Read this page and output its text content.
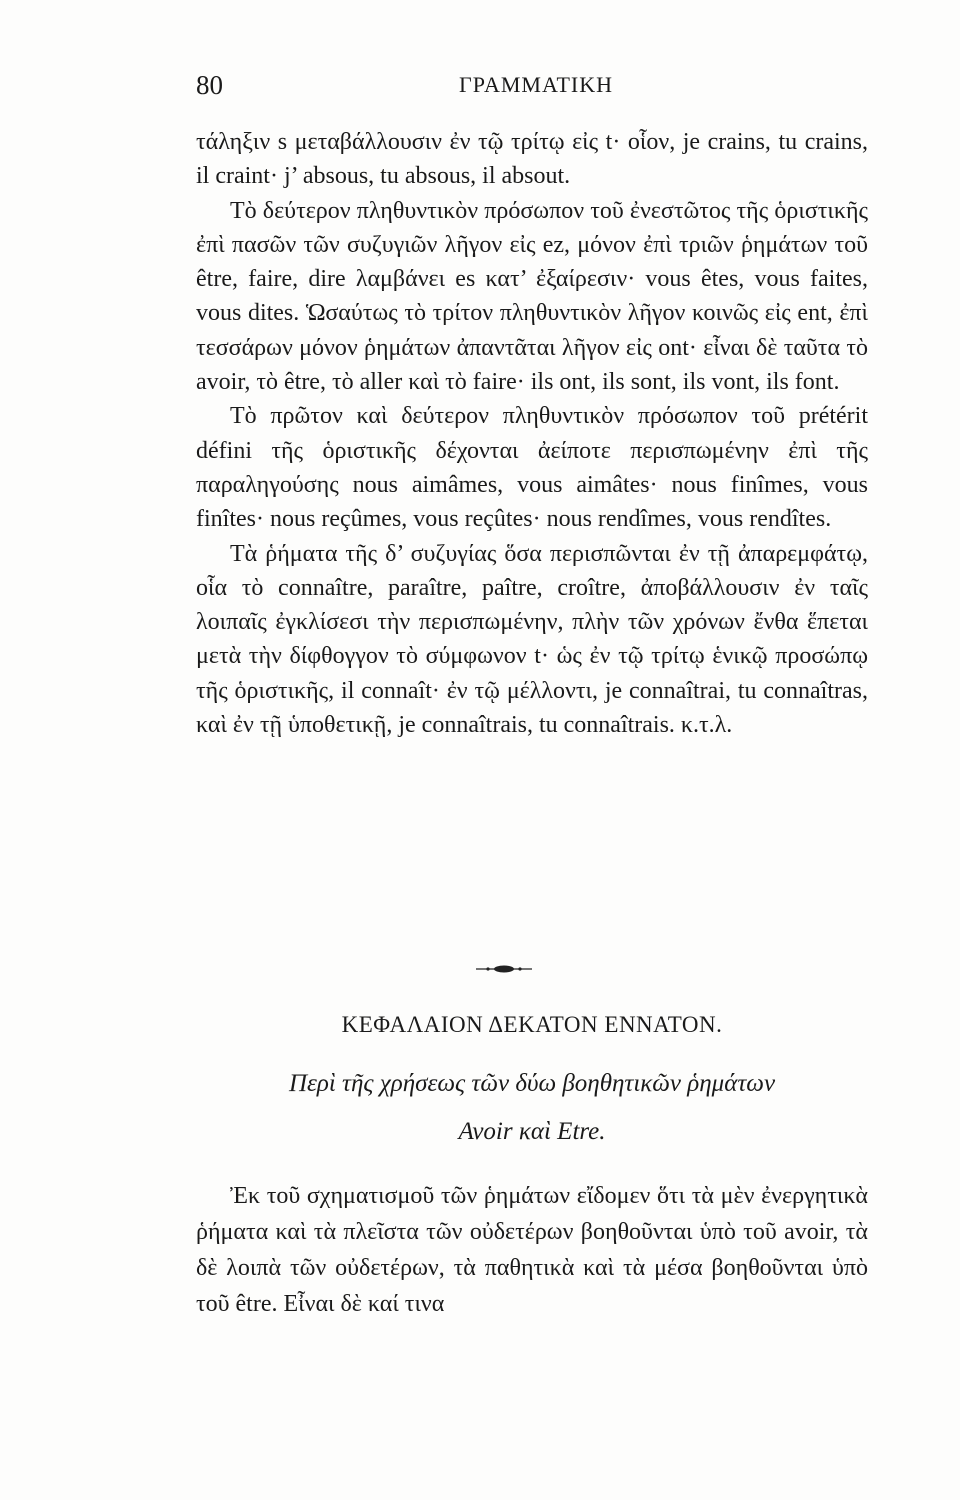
80	ΓΡΑΜΜΑΤΙΚΗ

τάληξιν s μεταβάλλουσιν ἐν τῷ τρίτῳ εἰς t· οἷον, je crains, tu crains, il craint· j’ absous, tu absous, il absout.

Τὸ δεύτερον πληθυντικὸν πρόσωπον τοῦ ἐνεστῶτος τῆς ὁριστικῆς ἐπὶ πασῶν τῶν συζυγιῶν λῆγον εἰς ez, μόνον ἐπὶ τριῶν ῥημάτων τοῦ être, faire, dire λαμβάνει es κατ’ ἐξαίρεσιν· vous êtes, vous faites, vous dites. Ὡσαύτως τὸ τρίτον πληθυντικὸν λῆγον κοινῶς εἰς ent, ἐπὶ τεσσάρων μόνον ῥημάτων ἀπαντᾶται λῆγον εἰς ont· εἶναι δὲ ταῦτα τὸ avoir, τὸ être, τὸ aller καὶ τὸ faire· ils ont, ils sont, ils vont, ils font.

Τὸ πρῶτον καὶ δεύτερον πληθυντικὸν πρόσωπον τοῦ prétérit défini τῆς ὁριστικῆς δέχονται ἀείποτε περισπωμένην ἐπὶ τῆς παραληγούσης nous aimâmes, vous aimâtes· nous finîmes, vous finîtes· nous reçûmes, vous reçûtes· nous rendîmes, vous rendîtes.

Τὰ ῥήματα τῆς δ’ συζυγίας ὅσα περισπῶνται ἐν τῇ ἀπαρεμφάτῳ, οἷα τὸ connaître, paraître, paître, croître, ἀποβάλλουσιν ἐν ταῖς λοιπαῖς ἐγκλίσεσι τὴν περισπωμένην, πλὴν τῶν χρόνων ἔνθα ἕπεται μετὰ τὴν δίφθογγον τὸ σύμφωνον t· ὡς ἐν τῷ τρίτῳ ἑνικῷ προσώπῳ τῆς ὁριστικῆς, il connaît· ἐν τῷ μέλλοντι, je connaîtrai, tu connaîtras, καὶ ἐν τῇ ὑποθετικῇ, je connaîtrais, tu connaîtrais. κ.τ.λ.

ΚΕΦΑΛΑΙΟΝ ΔΕΚΑΤΟΝ ΕΝΝΑΤΟΝ.
Περὶ τῆς χρήσεως τῶν δύω βοηθητικῶν ῥημάτων
Avoir καὶ Etre.

Ἐκ τοῦ σχηματισμοῦ τῶν ῥημάτων εἴδομεν ὅτι τὰ μὲν ἐνεργητικὰ ῥήματα καὶ τὰ πλεῖστα τῶν οὐδετέρων βοηθοῦνται ὑπὸ τοῦ avoir, τὰ δὲ λοιπὰ τῶν οὐδετέρων, τὰ παθητικὰ καὶ τὰ μέσα βοηθοῦνται ὑπὸ τοῦ être. Εἶναι δὲ καί τινα
